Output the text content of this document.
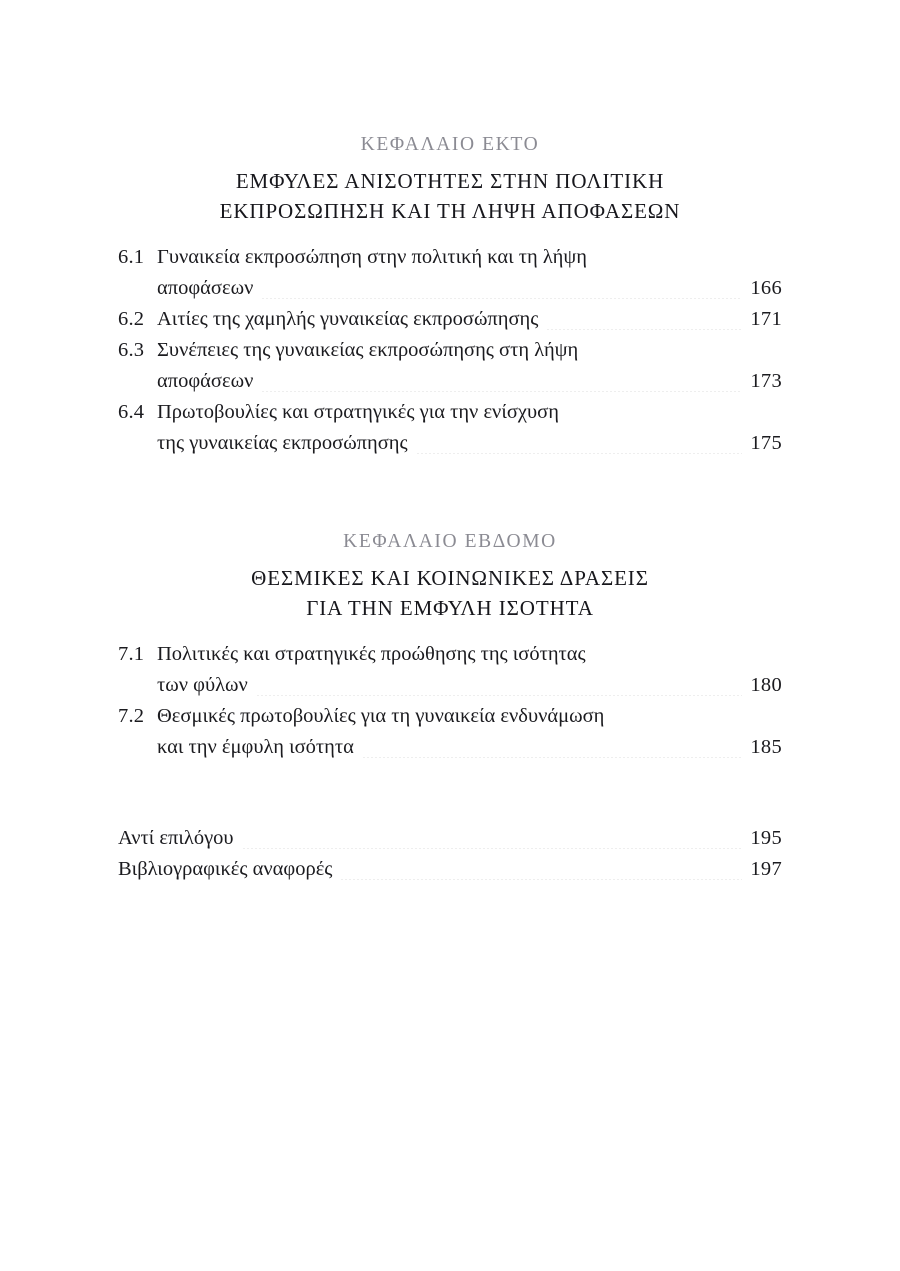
ΚΕΦΑΛΑΙΟ ΕΚΤΟ
ΕΜΦΥΛΕΣ ΑΝΙΣΟΤΗΤΕΣ ΣΤΗΝ ΠΟΛΙΤΙΚΗ
ΕΚΠΡΟΣΩΠΗΣΗ ΚΑΙ ΤΗ ΛΗΨΗ ΑΠΟΦΑΣΕΩΝ
6.1 Γυναικεία εκπροσώπηση στην πολιτική και τη λήψη
αποφάσεων	166
6.2 Αιτίες της χαμηλής γυναικείας εκπροσώπησης	171
6.3 Συνέπειες της γυναικείας εκπροσώπησης στη λήψη
αποφάσεων	173
6.4 Πρωτοβουλίες και στρατηγικές για την ενίσχυση
της γυναικείας εκπροσώπησης	175
ΚΕΦΑΛΑΙΟ ΕΒΔΟΜΟ
ΘΕΣΜΙΚΕΣ ΚΑΙ ΚΟΙΝΩΝΙΚΕΣ ΔΡΑΣΕΙΣ
ΓΙΑ ΤΗΝ ΕΜΦΥΛΗ ΙΣΟΤΗΤΑ
7.1 Πολιτικές και στρατηγικές προώθησης της ισότητας
των φύλων	180
7.2 Θεσμικές πρωτοβουλίες για τη γυναικεία ενδυνάμωση
και την έμφυλη ισότητα	185
Αντί επιλόγου	195
Βιβλιογραφικές αναφορές	197
